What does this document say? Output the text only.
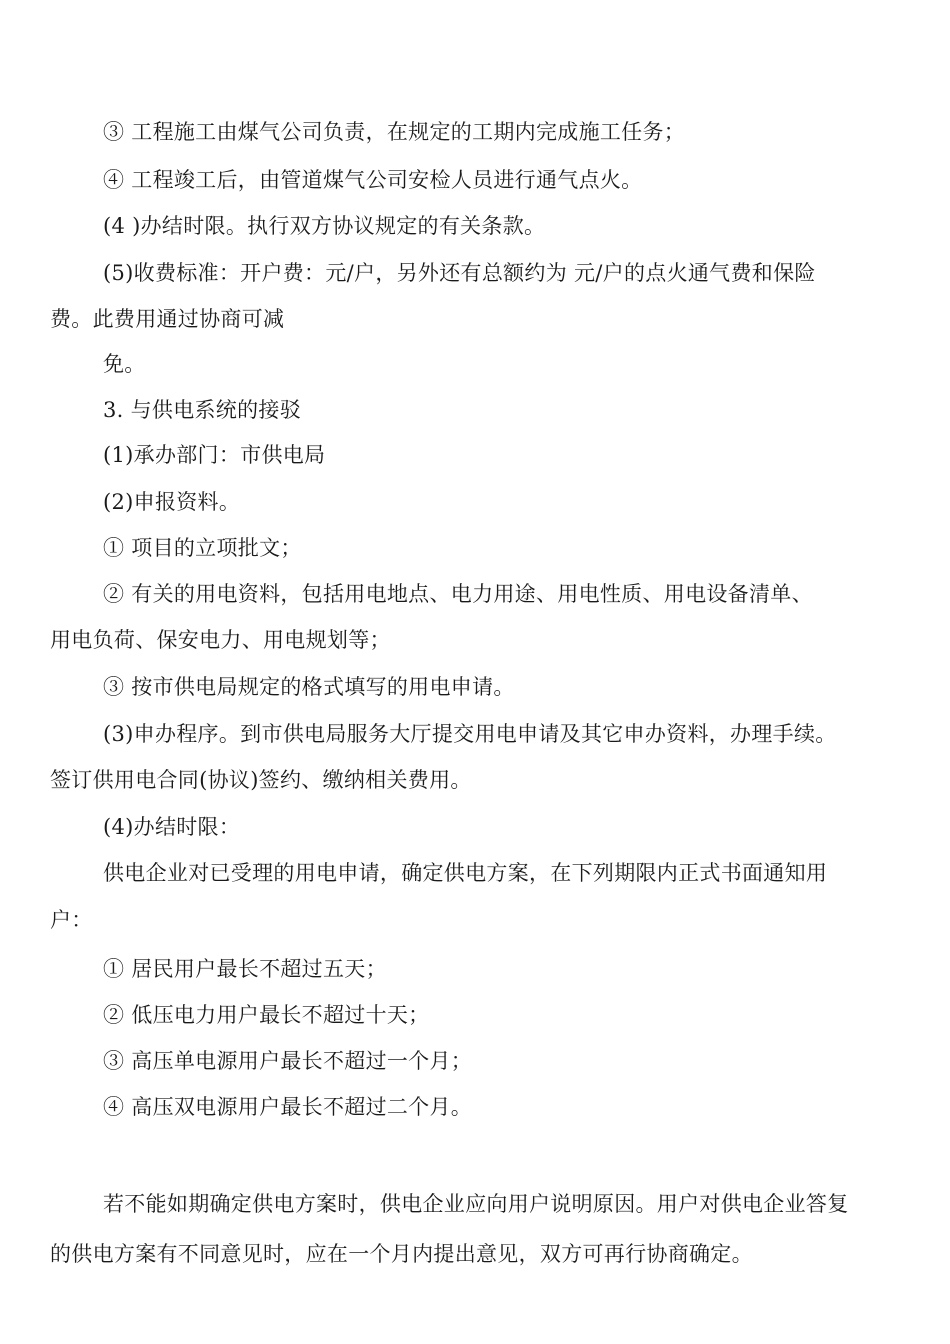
③ 工程施工由煤气公司负责，在规定的工期内完成施工任务；
④ 工程竣工后，由管道煤气公司安检人员进行通气点火。
(4 )办结时限。执行双方协议规定的有关条款。
(5)收费标准：开户费：元/户，另外还有总额约为 元/户的点火通气费和保险
费。此费用通过协商可减
免。
3. 与供电系统的接驳
(1)承办部门：市供电局
(2)申报资料。
① 项目的立项批文；
② 有关的用电资料，包括用电地点、电力用途、用电性质、用电设备清单、
用电负荷、保安电力、用电规划等；
③ 按市供电局规定的格式填写的用电申请。
(3)申办程序。到市供电局服务大厅提交用电申请及其它申办资料，办理手续。
签订供用电合同(协议)签约、缴纳相关费用。
(4)办结时限：
供电企业对已受理的用电申请，确定供电方案，在下列期限内正式书面通知用
户：
① 居民用户最长不超过五天；
② 低压电力用户最长不超过十天；
③ 高压单电源用户最长不超过一个月；
④ 高压双电源用户最长不超过二个月。
若不能如期确定供电方案时，供电企业应向用户说明原因。用户对供电企业答复
的供电方案有不同意见时，应在一个月内提出意见，双方可再行协商确定。
